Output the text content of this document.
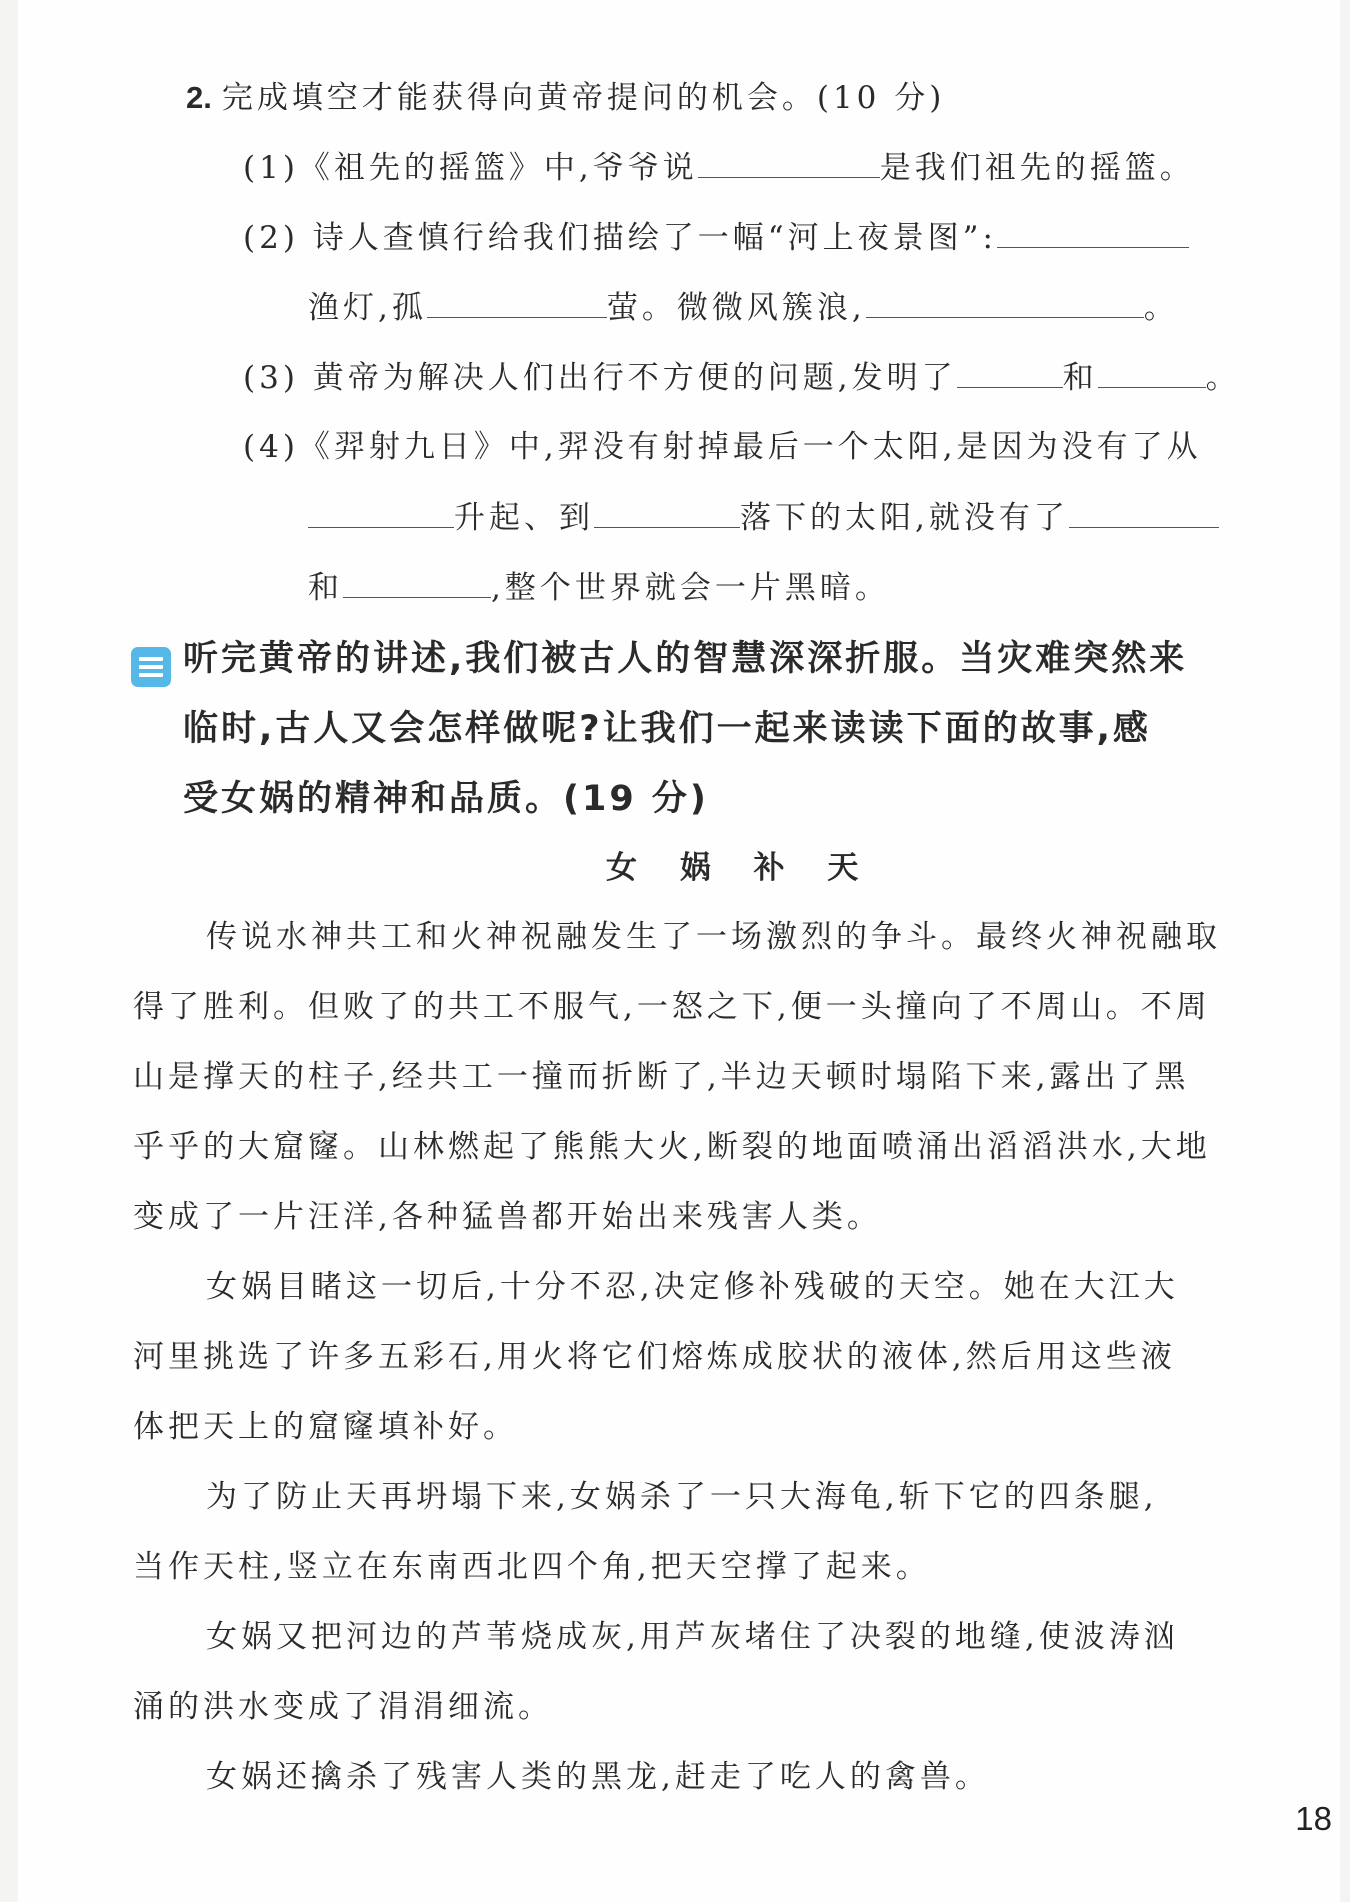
2. 完成填空才能获得向黄帝提问的机会。(10 分)
(1)《祖先的摇篮》中,爷爷说	是我们祖先的摇篮。
(2) 诗人查慎行给我们描绘了一幅“河上夜景图”:
渔灯,孤	萤。微微风簇浪,	。
(3) 黄帝为解决人们出行不方便的问题,发明了	和	。
(4)《羿射九日》中,羿没有射掉最后一个太阳,是因为没有了从
升起、到	落下的太阳,就没有了
和	,整个世界就会一片黑暗。
听完黄帝的讲述,我们被古人的智慧深深折服。当灾难突然来
临时,古人又会怎样做呢?让我们一起来读读下面的故事,感
受女娲的精神和品质。(19 分)
女 娲 补 天
传说水神共工和火神祝融发生了一场激烈的争斗。最终火神祝融取
得了胜利。但败了的共工不服气,一怒之下,便一头撞向了不周山。不周
山是撑天的柱子,经共工一撞而折断了,半边天顿时塌陷下来,露出了黑
乎乎的大窟窿。山林燃起了熊熊大火,断裂的地面喷涌出滔滔洪水,大地
变成了一片汪洋,各种猛兽都开始出来残害人类。
女娲目睹这一切后,十分不忍,决定修补残破的天空。她在大江大
河里挑选了许多五彩石,用火将它们熔炼成胶状的液体,然后用这些液
体把天上的窟窿填补好。
为了防止天再坍塌下来,女娲杀了一只大海龟,斩下它的四条腿,
当作天柱,竖立在东南西北四个角,把天空撑了起来。
女娲又把河边的芦苇烧成灰,用芦灰堵住了决裂的地缝,使波涛汹
涌的洪水变成了涓涓细流。
女娲还擒杀了残害人类的黑龙,赶走了吃人的禽兽。
18
